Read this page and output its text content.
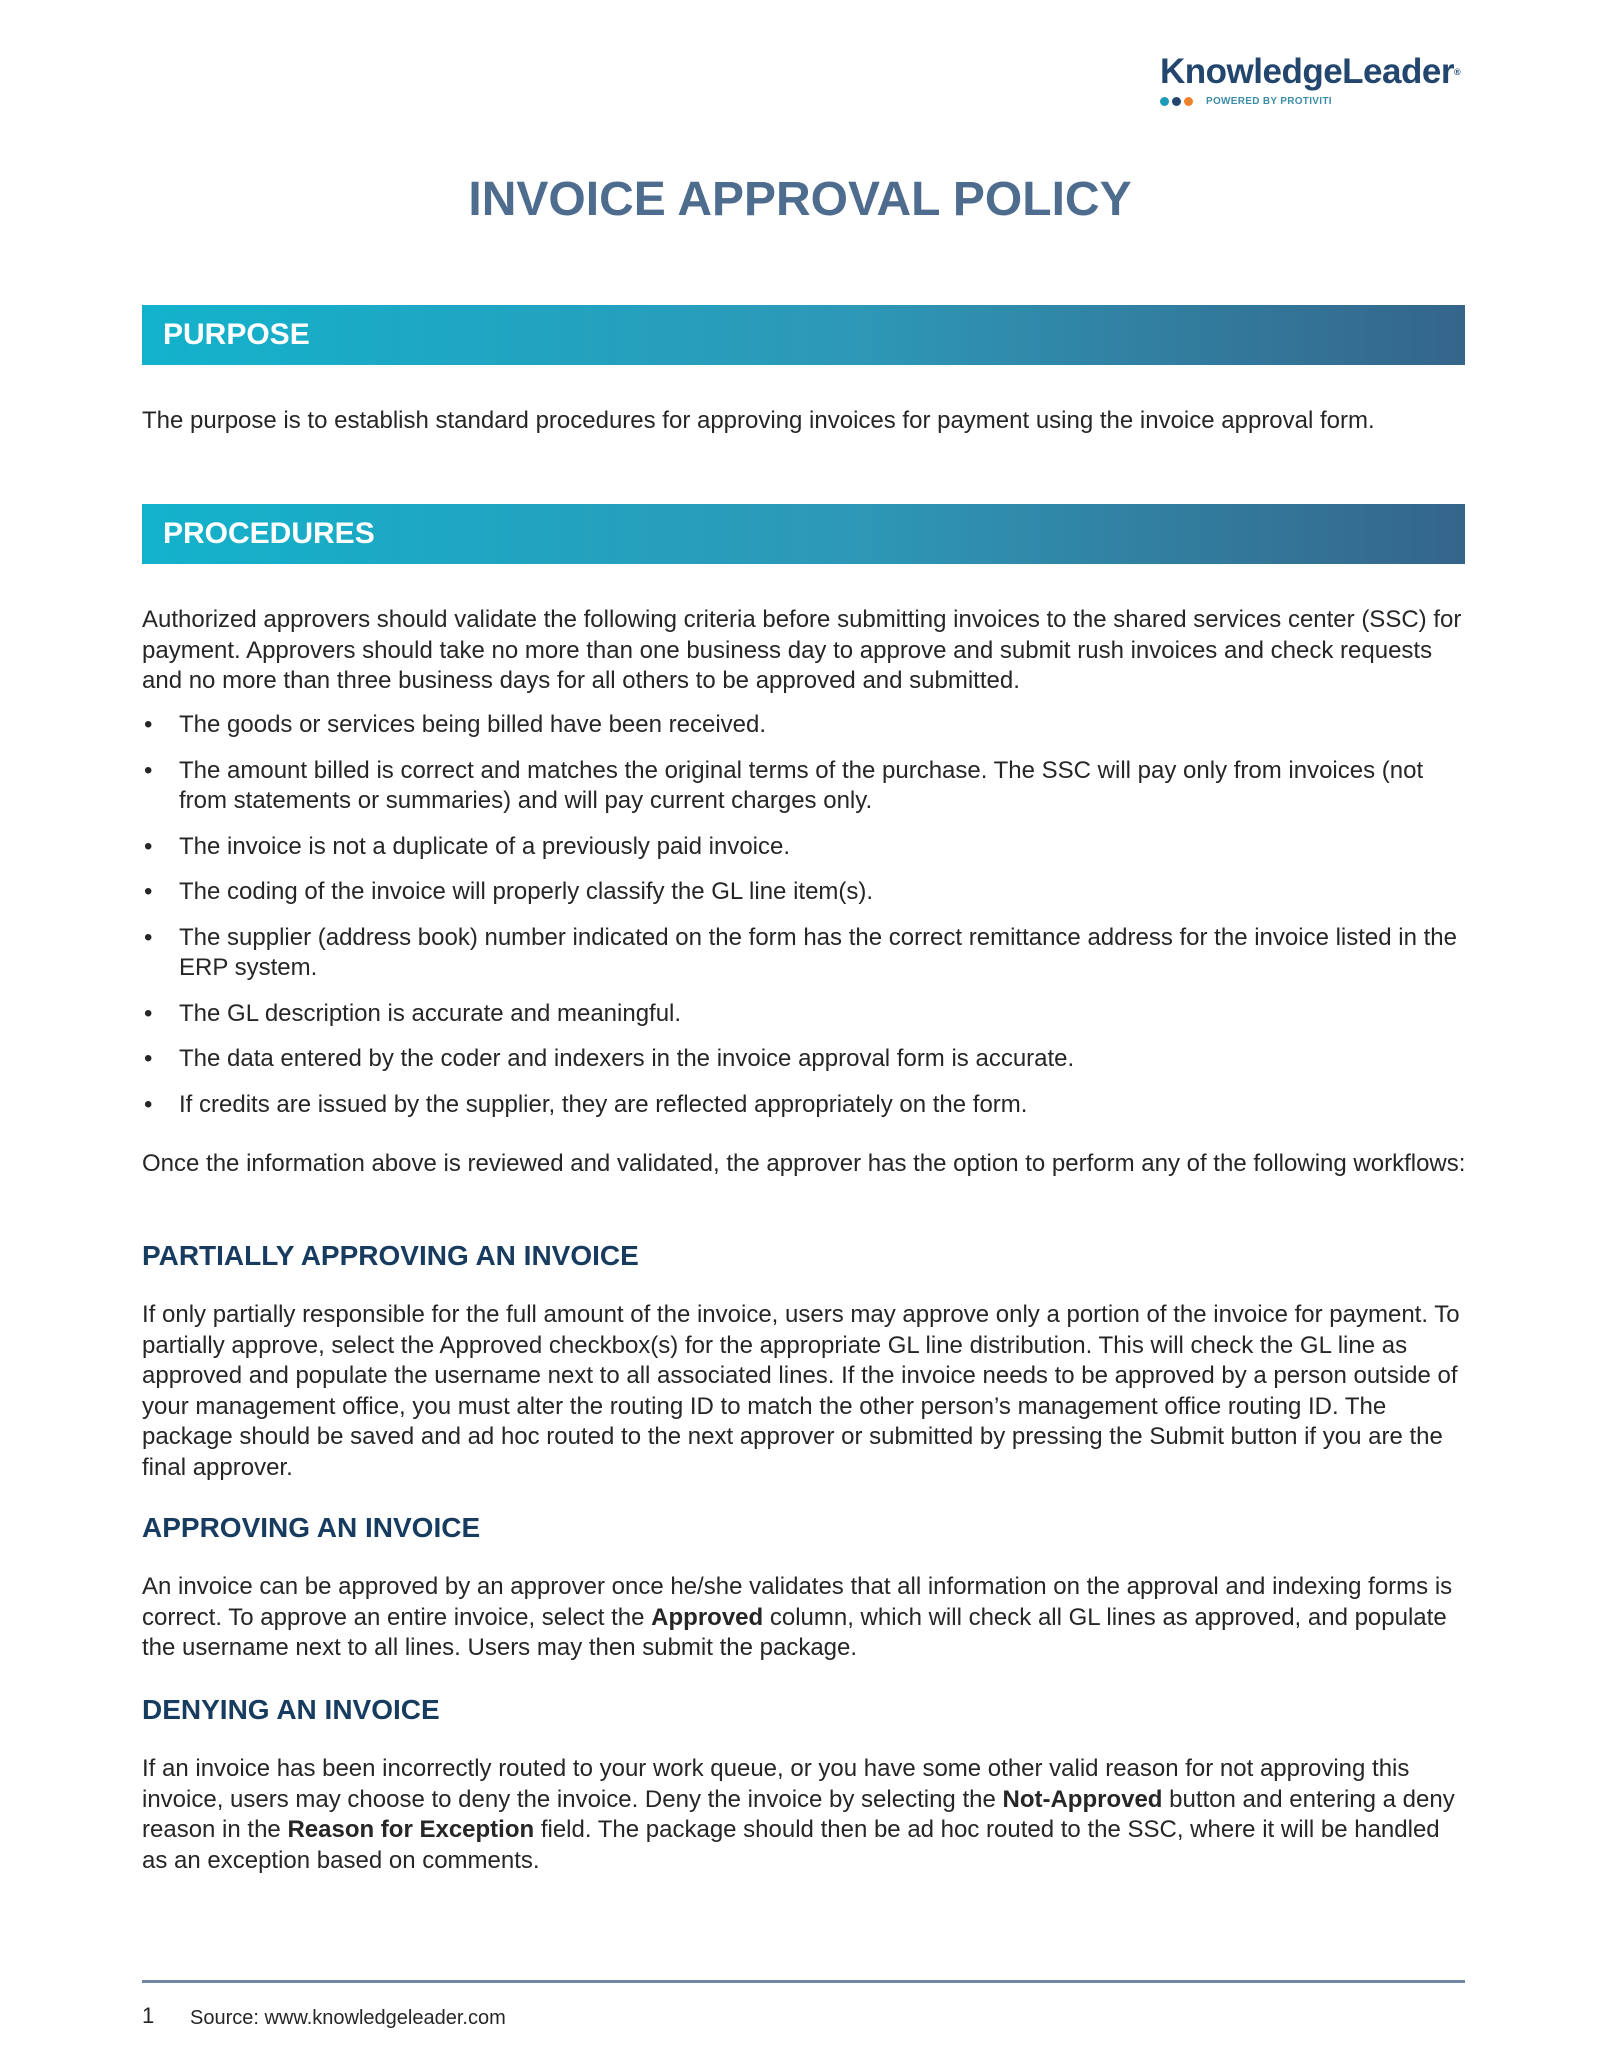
KnowledgeLeader®
POWERED BY PROTIVITI
INVOICE APPROVAL POLICY
PURPOSE

The purpose is to establish standard procedures for approving invoices for payment using the invoice approval form.

PROCEDURES

Authorized approvers should validate the following criteria before submitting invoices to the shared services center (SSC) for payment. Approvers should take no more than one business day to approve and submit rush invoices and check requests and no more than three business days for all others to be approved and submitted.

• The goods or services being billed have been received.
• The amount billed is correct and matches the original terms of the purchase. The SSC will pay only from invoices (not from statements or summaries) and will pay current charges only.
• The invoice is not a duplicate of a previously paid invoice.
• The coding of the invoice will properly classify the GL line item(s).
• The supplier (address book) number indicated on the form has the correct remittance address for the invoice listed in the ERP system.
• The GL description is accurate and meaningful.
• The data entered by the coder and indexers in the invoice approval form is accurate.
• If credits are issued by the supplier, they are reflected appropriately on the form.

Once the information above is reviewed and validated, the approver has the option to perform any of the following workflows:

PARTIALLY APPROVING AN INVOICE

If only partially responsible for the full amount of the invoice, users may approve only a portion of the invoice for payment. To partially approve, select the Approved checkbox(s) for the appropriate GL line distribution. This will check the GL line as approved and populate the username next to all associated lines. If the invoice needs to be approved by a person outside of your management office, you must alter the routing ID to match the other person’s management office routing ID. The package should be saved and ad hoc routed to the next approver or submitted by pressing the Submit button if you are the final approver.

APPROVING AN INVOICE

An invoice can be approved by an approver once he/she validates that all information on the approval and indexing forms is correct. To approve an entire invoice, select the Approved column, which will check all GL lines as approved, and populate the username next to all lines. Users may then submit the package.

DENYING AN INVOICE

If an invoice has been incorrectly routed to your work queue, or you have some other valid reason for not approving this invoice, users may choose to deny the invoice. Deny the invoice by selecting the Not-Approved button and entering a deny reason in the Reason for Exception field. The package should then be ad hoc routed to the SSC, where it will be handled as an exception based on comments.

1 Source: www.knowledgeleader.com
